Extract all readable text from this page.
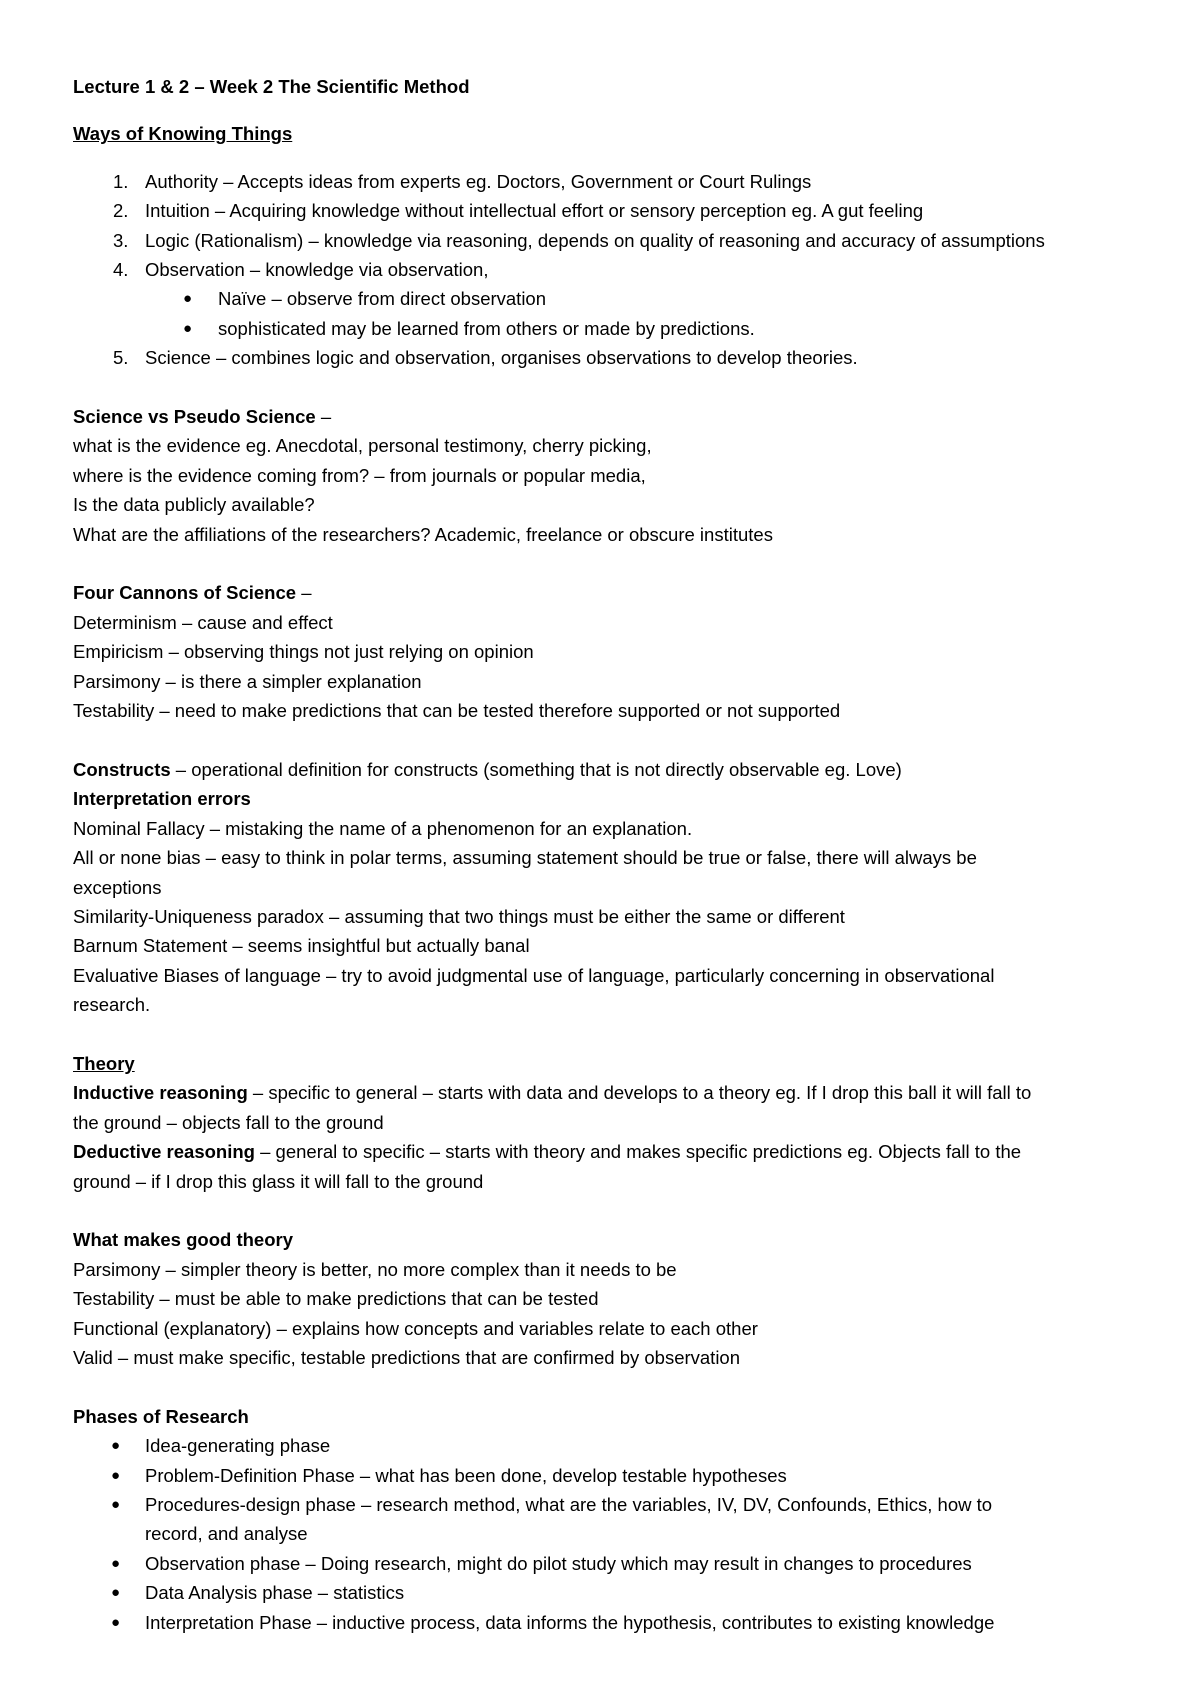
Lecture 1 & 2 – Week 2 The Scientific Method

Ways of Knowing Things

1. Authority – Accepts ideas from experts eg. Doctors, Government or Court Rulings
2. Intuition – Acquiring knowledge without intellectual effort or sensory perception eg. A gut feeling
3. Logic (Rationalism) – knowledge via reasoning, depends on quality of reasoning and accuracy of assumptions
4. Observation – knowledge via observation,
● Naïve – observe from direct observation
● sophisticated may be learned from others or made by predictions.
5. Science – combines logic and observation, organises observations to develop theories.

Science vs Pseudo Science –

what is the evidence eg. Anecdotal, personal testimony, cherry picking,

where is the evidence coming from? – from journals or popular media,

Is the data publicly available?

What are the affiliations of the researchers? Academic, freelance or obscure institutes

Four Cannons of Science –

Determinism – cause and effect

Empiricism – observing things not just relying on opinion

Parsimony – is there a simpler explanation

Testability – need to make predictions that can be tested therefore supported or not supported

Constructs – operational definition for constructs (something that is not directly observable eg. Love)

Interpretation errors

Nominal Fallacy – mistaking the name of a phenomenon for an explanation.

All or none bias – easy to think in polar terms, assuming statement should be true or false, there will always be

exceptions

Similarity-Uniqueness paradox – assuming that two things must be either the same or different

Barnum Statement – seems insightful but actually banal

Evaluative Biases of language – try to avoid judgmental use of language, particularly concerning in observational

research.

Theory

Inductive reasoning – specific to general – starts with data and develops to a theory eg. If I drop this ball it will fall to

the ground – objects fall to the ground

Deductive reasoning – general to specific – starts with theory and makes specific predictions eg. Objects fall to the

ground – if I drop this glass it will fall to the ground

What makes good theory

Parsimony – simpler theory is better, no more complex than it needs to be

Testability – must be able to make predictions that can be tested

Functional (explanatory) – explains how concepts and variables relate to each other

Valid – must make specific, testable predictions that are confirmed by observation

Phases of Research

● Idea-generating phase
● Problem-Definition Phase – what has been done, develop testable hypotheses
● Procedures-design phase – research method, what are the variables, IV, DV, Confounds, Ethics, how to
record, and analyse
● Observation phase – Doing research, might do pilot study which may result in changes to procedures
● Data Analysis phase – statistics
● Interpretation Phase – inductive process, data informs the hypothesis, contributes to existing knowledge
